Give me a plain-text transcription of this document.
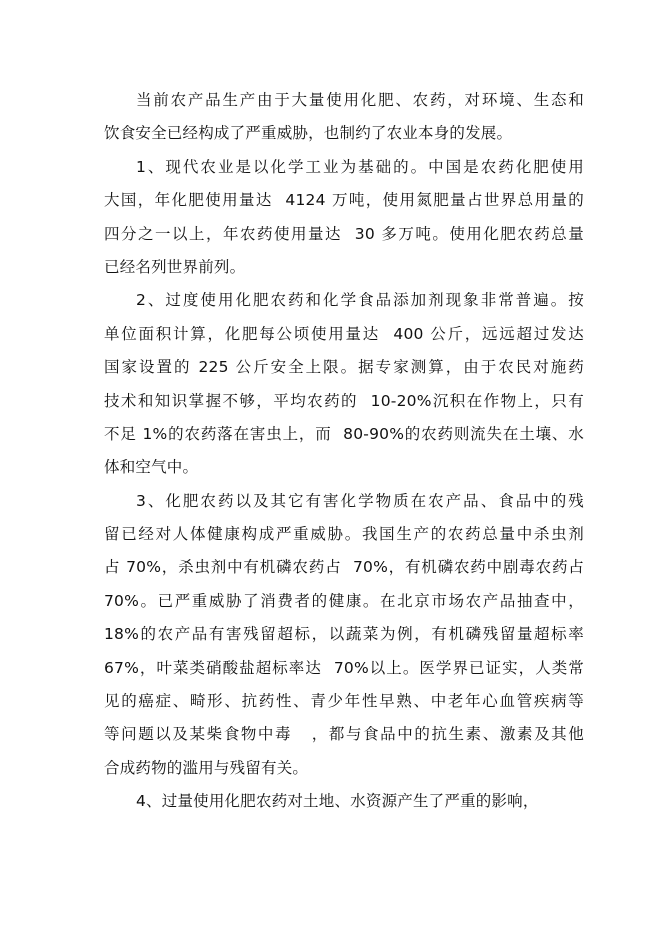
当前农产品生产由于大量使用化肥、农药，对环境、生态和
饮食安全已经构成了严重威胁，也制约了农业本身的发展。
1、现代农业是以化学工业为基础的。中国是农药化肥使用
大国，年化肥使用量达  4124 万吨，使用氮肥量占世界总用量的
四分之一以上，年农药使用量达  30 多万吨。使用化肥农药总量
已经名列世界前列。
2、过度使用化肥农药和化学食品添加剂现象非常普遍。按
单位面积计算，化肥每公顷使用量达  400 公斤，远远超过发达
国家设置的 225 公斤安全上限。据专家测算，由于农民对施药
技术和知识掌握不够，平均农药的  10-20%沉积在作物上，只有
不足 1%的农药落在害虫上，而  80-90%的农药则流失在土壤、水
体和空气中。
3、化肥农药以及其它有害化学物质在农产品、食品中的残
留已经对人体健康构成严重威胁。我国生产的农药总量中杀虫剂
占 70%，杀虫剂中有机磷农药占  70%，有机磷农药中剧毒农药占
70%。已严重威胁了消费者的健康。在北京市场农产品抽查中，
18%的农产品有害残留超标，以蔬菜为例，有机磷残留量超标率
67%，叶菜类硝酸盐超标率达  70%以上。医学界已证实，人类常
见的癌症、畸形、抗药性、青少年性早熟、中老年心血管疾病等
等问题以及某柴食物中毒   ，都与食品中的抗生素、激素及其他
合成药物的滥用与残留有关。
4、过量使用化肥农药对土地、水资源产生了严重的影响，
